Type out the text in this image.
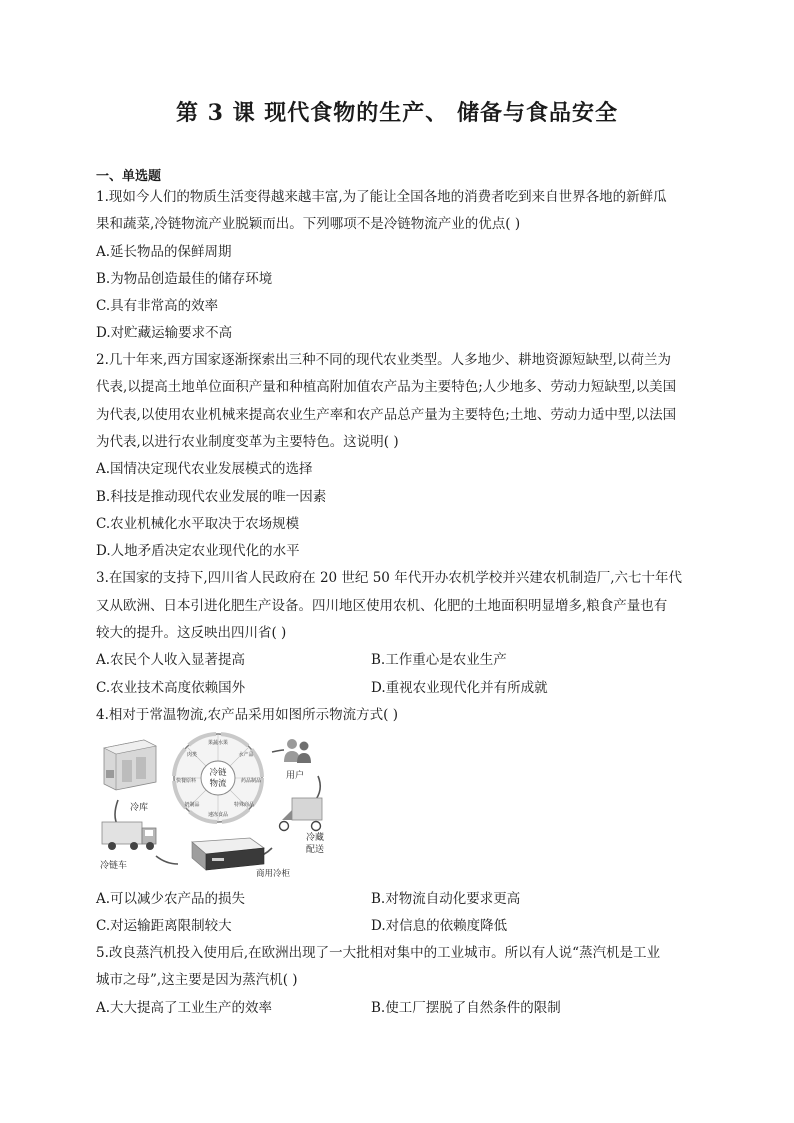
第 3 课 现代食物的生产、 储备与食品安全
一、单选题
1.现如今人们的物质生活变得越来越丰富,为了能让全国各地的消费者吃到来自世界各地的新鲜瓜
果和蔬菜,冷链物流产业脱颖而出。下列哪项不是冷链物流产业的优点( )
A.延长物品的保鲜周期
B.为物品创造最佳的储存环境
C.具有非常高的效率
D.对贮藏运输要求不高
2.几十年来,西方国家逐渐探索出三种不同的现代农业类型。人多地少、耕地资源短缺型,以荷兰为
代表,以提高土地单位面积产量和种植高附加值农产品为主要特色;人少地多、劳动力短缺型,以美国
为代表,以使用农业机械来提高农业生产率和农产品总产量为主要特色;土地、劳动力适中型,以法国
为代表,以进行农业制度变革为主要特色。这说明( )
A.国情决定现代农业发展模式的选择
B.科技是推动现代农业发展的唯一因素
C.农业机械化水平取决于农场规模
D.人地矛盾决定农业现代化的水平
3.在国家的支持下,四川省人民政府在 20 世纪 50 年代开办农机学校并兴建农机制造厂,六七十年代
又从欧洲、日本引进化肥生产设备。四川地区使用农机、化肥的土地面积明显增多,粮食产量也有
较大的提升。这反映出四川省( )
A.农民个人收入显著提高	B.工作重心是农业生产
C.农业技术高度依赖国外	D.重视农业现代化并有所成就
4.相对于常温物流,农产品采用如图所示物流方式( )
冷库
冷链
物流
果蔬水果
水产品
药品制品
特殊商品
速冻食品
奶制品
快餐原料
肉类
用户
冷链车
商用冷柜
冷藏
配送
A.可以减少农产品的损失	B.对物流自动化要求更高
C.对运输距离限制较大	D.对信息的依赖度降低
5.改良蒸汽机投入使用后,在欧洲出现了一大批相对集中的工业城市。所以有人说“蒸汽机是工业
城市之母”,这主要是因为蒸汽机( )
A.大大提高了工业生产的效率	B.使工厂摆脱了自然条件的限制
